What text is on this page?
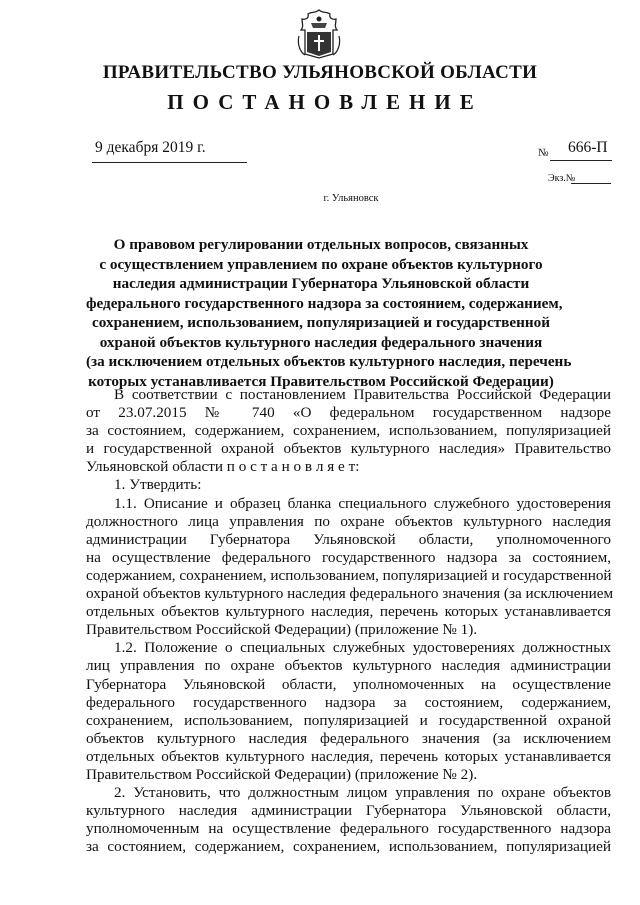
ПРАВИТЕЛЬСТВО УЛЬЯНОВСКОЙ ОБЛАСТИ
ПОСТАНОВЛЕНИЕ
9 декабря 2019 г.	№ 666-П
Экз.№
г. Ульяновск
О правовом регулировании отдельных вопросов, связанных
с осуществлением управлением по охране объектов культурного
наследия администрации Губернатора Ульяновской области
федерального государственного надзора за состоянием, содержанием,
сохранением, использованием, популяризацией и государственной
охраной объектов культурного наследия федерального значения
(за исключением отдельных объектов культурного наследия, перечень
которых устанавливается Правительством Российской Федерации)
В соответствии с постановлением Правительства Российской Федерации
от 23.07.2015 № 740 «О федеральном государственном надзоре
за состоянием, содержанием, сохранением, использованием, популяризацией
и государственной охраной объектов культурного наследия» Правительство
Ульяновской области п о с т а н о в л я е т:
1. Утвердить:
1.1. Описание и образец бланка специального служебного удостоверения
должностного лица управления по охране объектов культурного наследия
администрации Губернатора Ульяновской области, уполномоченного
на осуществление федерального государственного надзора за состоянием,
содержанием, сохранением, использованием, популяризацией и государственной
охраной объектов культурного наследия федерального значения (за исключением
отдельных объектов культурного наследия, перечень которых устанавливается
Правительством Российской Федерации) (приложение № 1).
1.2. Положение о специальных служебных удостоверениях должностных
лиц управления по охране объектов культурного наследия администрации
Губернатора Ульяновской области, уполномоченных на осуществление
федерального государственного надзора за состоянием, содержанием,
сохранением, использованием, популяризацией и государственной охраной
объектов культурного наследия федерального значения (за исключением
отдельных объектов культурного наследия, перечень которых устанавливается
Правительством Российской Федерации) (приложение № 2).
2. Установить, что должностным лицом управления по охране объектов
культурного наследия администрации Губернатора Ульяновской области,
уполномоченным на осуществление федерального государственного надзора
за состоянием, содержанием, сохранением, использованием, популяризацией
